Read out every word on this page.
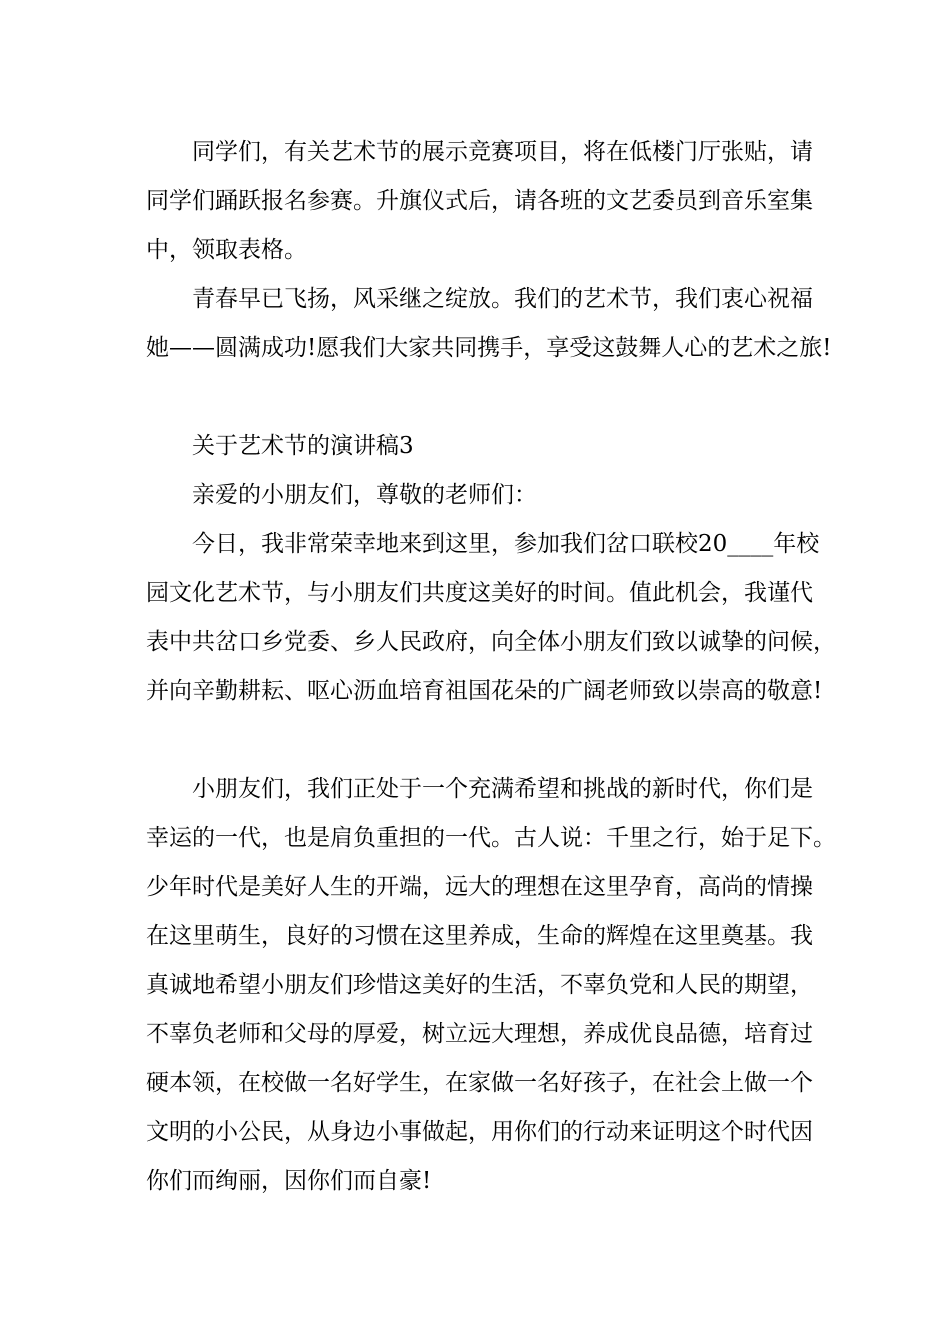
同学们，有关艺术节的展示竞赛项目，将在低楼门厅张贴，请
同学们踊跃报名参赛。升旗仪式后，请各班的文艺委员到音乐室集
中，领取表格。
青春早已飞扬，风采继之绽放。我们的艺术节，我们衷心祝福
她——圆满成功!愿我们大家共同携手，享受这鼓舞人心的艺术之旅!
关于艺术节的演讲稿3
亲爱的小朋友们，尊敬的老师们：
今日，我非常荣幸地来到这里，参加我们岔口联校20____年校
园文化艺术节，与小朋友们共度这美好的时间。值此机会，我谨代
表中共岔口乡党委、乡人民政府，向全体小朋友们致以诚挚的问候，
并向辛勤耕耘、呕心沥血培育祖国花朵的广阔老师致以崇高的敬意!
小朋友们，我们正处于一个充满希望和挑战的新时代，你们是
幸运的一代，也是肩负重担的一代。古人说：千里之行，始于足下。
少年时代是美好人生的开端，远大的理想在这里孕育，高尚的情操
在这里萌生，良好的习惯在这里养成，生命的辉煌在这里奠基。我
真诚地希望小朋友们珍惜这美好的生活，不辜负党和人民的期望，
不辜负老师和父母的厚爱，树立远大理想，养成优良品德，培育过
硬本领，在校做一名好学生，在家做一名好孩子，在社会上做一个
文明的小公民，从身边小事做起，用你们的行动来证明这个时代因
你们而绚丽，因你们而自豪!
